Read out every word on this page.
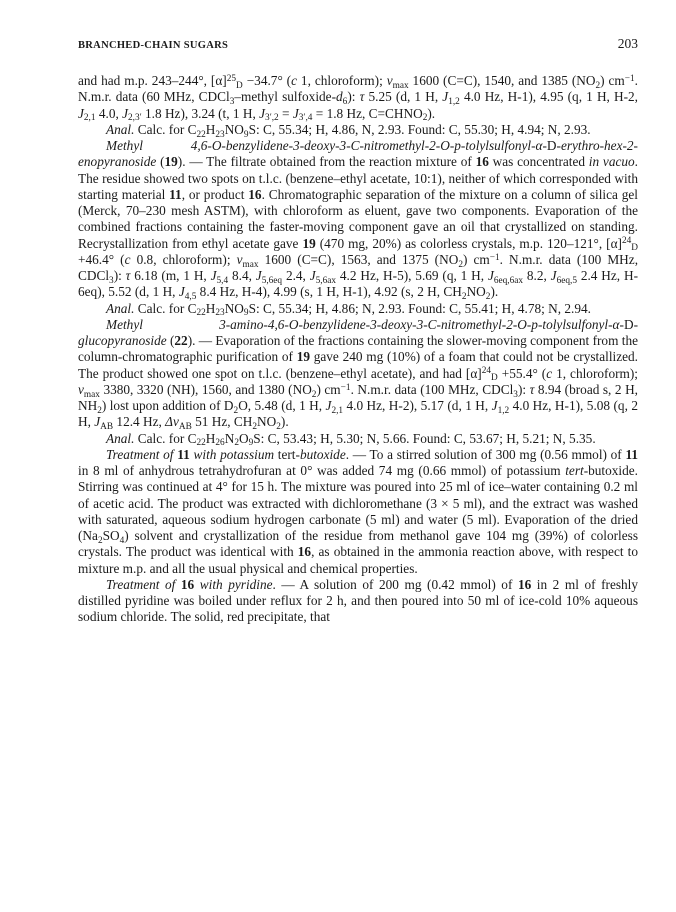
BRANCHED-CHAIN SUGARS	203

and had m.p. 243–244°, $[\alpha]^{25}_D -34.7^\circ$ (c 1, chloroform); $\nu_{max}$ 1600 (C=C), 1540, and 1385 $(NO_2)$ $cm^{-1}$. N.m.r. data (60 MHz, CDCl$_3$–methyl sulfoxide-$d_6$): τ 5.25 (d, 1 H, $J_{1,2}$ 4.0 Hz, H-1), 4.95 (q, 1 H, H-2, $J_{2,1}$ 4.0, $J_{2,3'}$ 1.8 Hz), 3.24 (t, 1 H, $J_{3',2} = J_{3',4} = 1.8$ Hz, $C=CHNO_2$).

Anal. Calc. for $C_{22}H_{23}NO_9S$: C, 55.34; H, 4.86, N, 2.93. Found: C, 55.30; H, 4.94; N, 2.93.

Methyl 4,6-O-benzylidene-3-deoxy-3-C-nitromethyl-2-O-p-tolylsulfonyl-α-D-erythro-hex-2-enopyranoside (19). — The filtrate obtained from the reaction mixture of 16 was concentrated in vacuo. The residue showed two spots on t.l.c. (benzene–ethyl acetate, 10:1), neither of which corresponded with starting material 11, or product 16. Chromatographic separation of the mixture on a column of silica gel (Merck, 70–230 mesh ASTM), with chloroform as eluent, gave two components. Evaporation of the combined fractions containing the faster-moving component gave an oil that crystallized on standing. Recrystallization from ethyl acetate gave 19 (470 mg, 20%) as colorless crystals, m.p. 120–121°, $[\alpha]^{24}_D +46.4^\circ$ (c 0.8, chloroform); $\nu_{max}$ 1600 (C=C), 1563, and 1375 $(NO_2)$ $cm^{-1}$. N.m.r. data (100 MHz, CDCl$_3$): τ 6.18 (m, 1 H, $J_{5,4}$ 8.4, $J_{5,6eq}$ 2.4, $J_{5,6ax}$ 4.2 Hz, H-5), 5.69 (q, 1 H, $J_{6eq,6ax}$ 8.2, $J_{6eq,5}$ 2.4 Hz, H-6eq), 5.52 (d, 1 H, $J_{4,5}$ 8.4 Hz, H-4), 4.99 (s, 1 H, H-1), 4.92 (s, 2 H, $CH_2NO_2$).

Anal. Calc. for $C_{22}H_{23}NO_9S$: C, 55.34; H, 4.86; N, 2.93. Found: C, 55.41; H, 4.78; N, 2.94.

Methyl 3-amino-4,6-O-benzylidene-3-deoxy-3-C-nitromethyl-2-O-p-tolylsulfonyl-α-D-glucopyranoside (22). — Evaporation of the fractions containing the slower-moving component from the column-chromatographic purification of 19 gave 240 mg (10%) of a foam that could not be crystallized. The product showed one spot on t.l.c. (benzene–ethyl acetate), and had $[\alpha]^{24}_D +55.4^\circ$ (c 1, chloroform); $\nu_{max}$ 3380, 3320 (NH), 1560, and 1380 $(NO_2)$ $cm^{-1}$. N.m.r. data (100 MHz, CDCl$_3$): τ 8.94 (broad s, 2 H, $NH_2$) lost upon addition of $D_2O$, 5.48 (d, 1 H, $J_{2,1}$ 4.0 Hz, H-2), 5.17 (d, 1 H, $J_{1,2}$ 4.0 Hz, H-1), 5.08 (q, 2 H, $J_{AB}$ 12.4 Hz, $\Delta\nu_{AB}$ 51 Hz, $CH_2NO_2$).

Anal. Calc. for $C_{22}H_{26}N_2O_9S$: C, 53.43; H, 5.30; N, 5.66. Found: C, 53.67; H, 5.21; N, 5.35.

Treatment of 11 with potassium tert-butoxide. — To a stirred solution of 300 mg (0.56 mmol) of 11 in 8 ml of anhydrous tetrahydrofuran at 0° was added 74 mg (0.66 mmol) of potassium tert-butoxide. Stirring was continued at 4° for 15 h. The mixture was poured into 25 ml of ice–water containing 0.2 ml of acetic acid. The product was extracted with dichloromethane (3 × 5 ml), and the extract was washed with saturated, aqueous sodium hydrogen carbonate (5 ml) and water (5 ml). Evaporation of the dried $(Na_2SO_4)$ solvent and crystallization of the residue from methanol gave 104 mg (39%) of colorless crystals. The product was identical with 16, as obtained in the ammonia reaction above, with respect to mixture m.p. and all the usual physical and chemical properties.

Treatment of 16 with pyridine. — A solution of 200 mg (0.42 mmol) of 16 in 2 ml of freshly distilled pyridine was boiled under reflux for 2 h, and then poured into 50 ml of ice-cold 10% aqueous sodium chloride. The solid, red precipitate, that
